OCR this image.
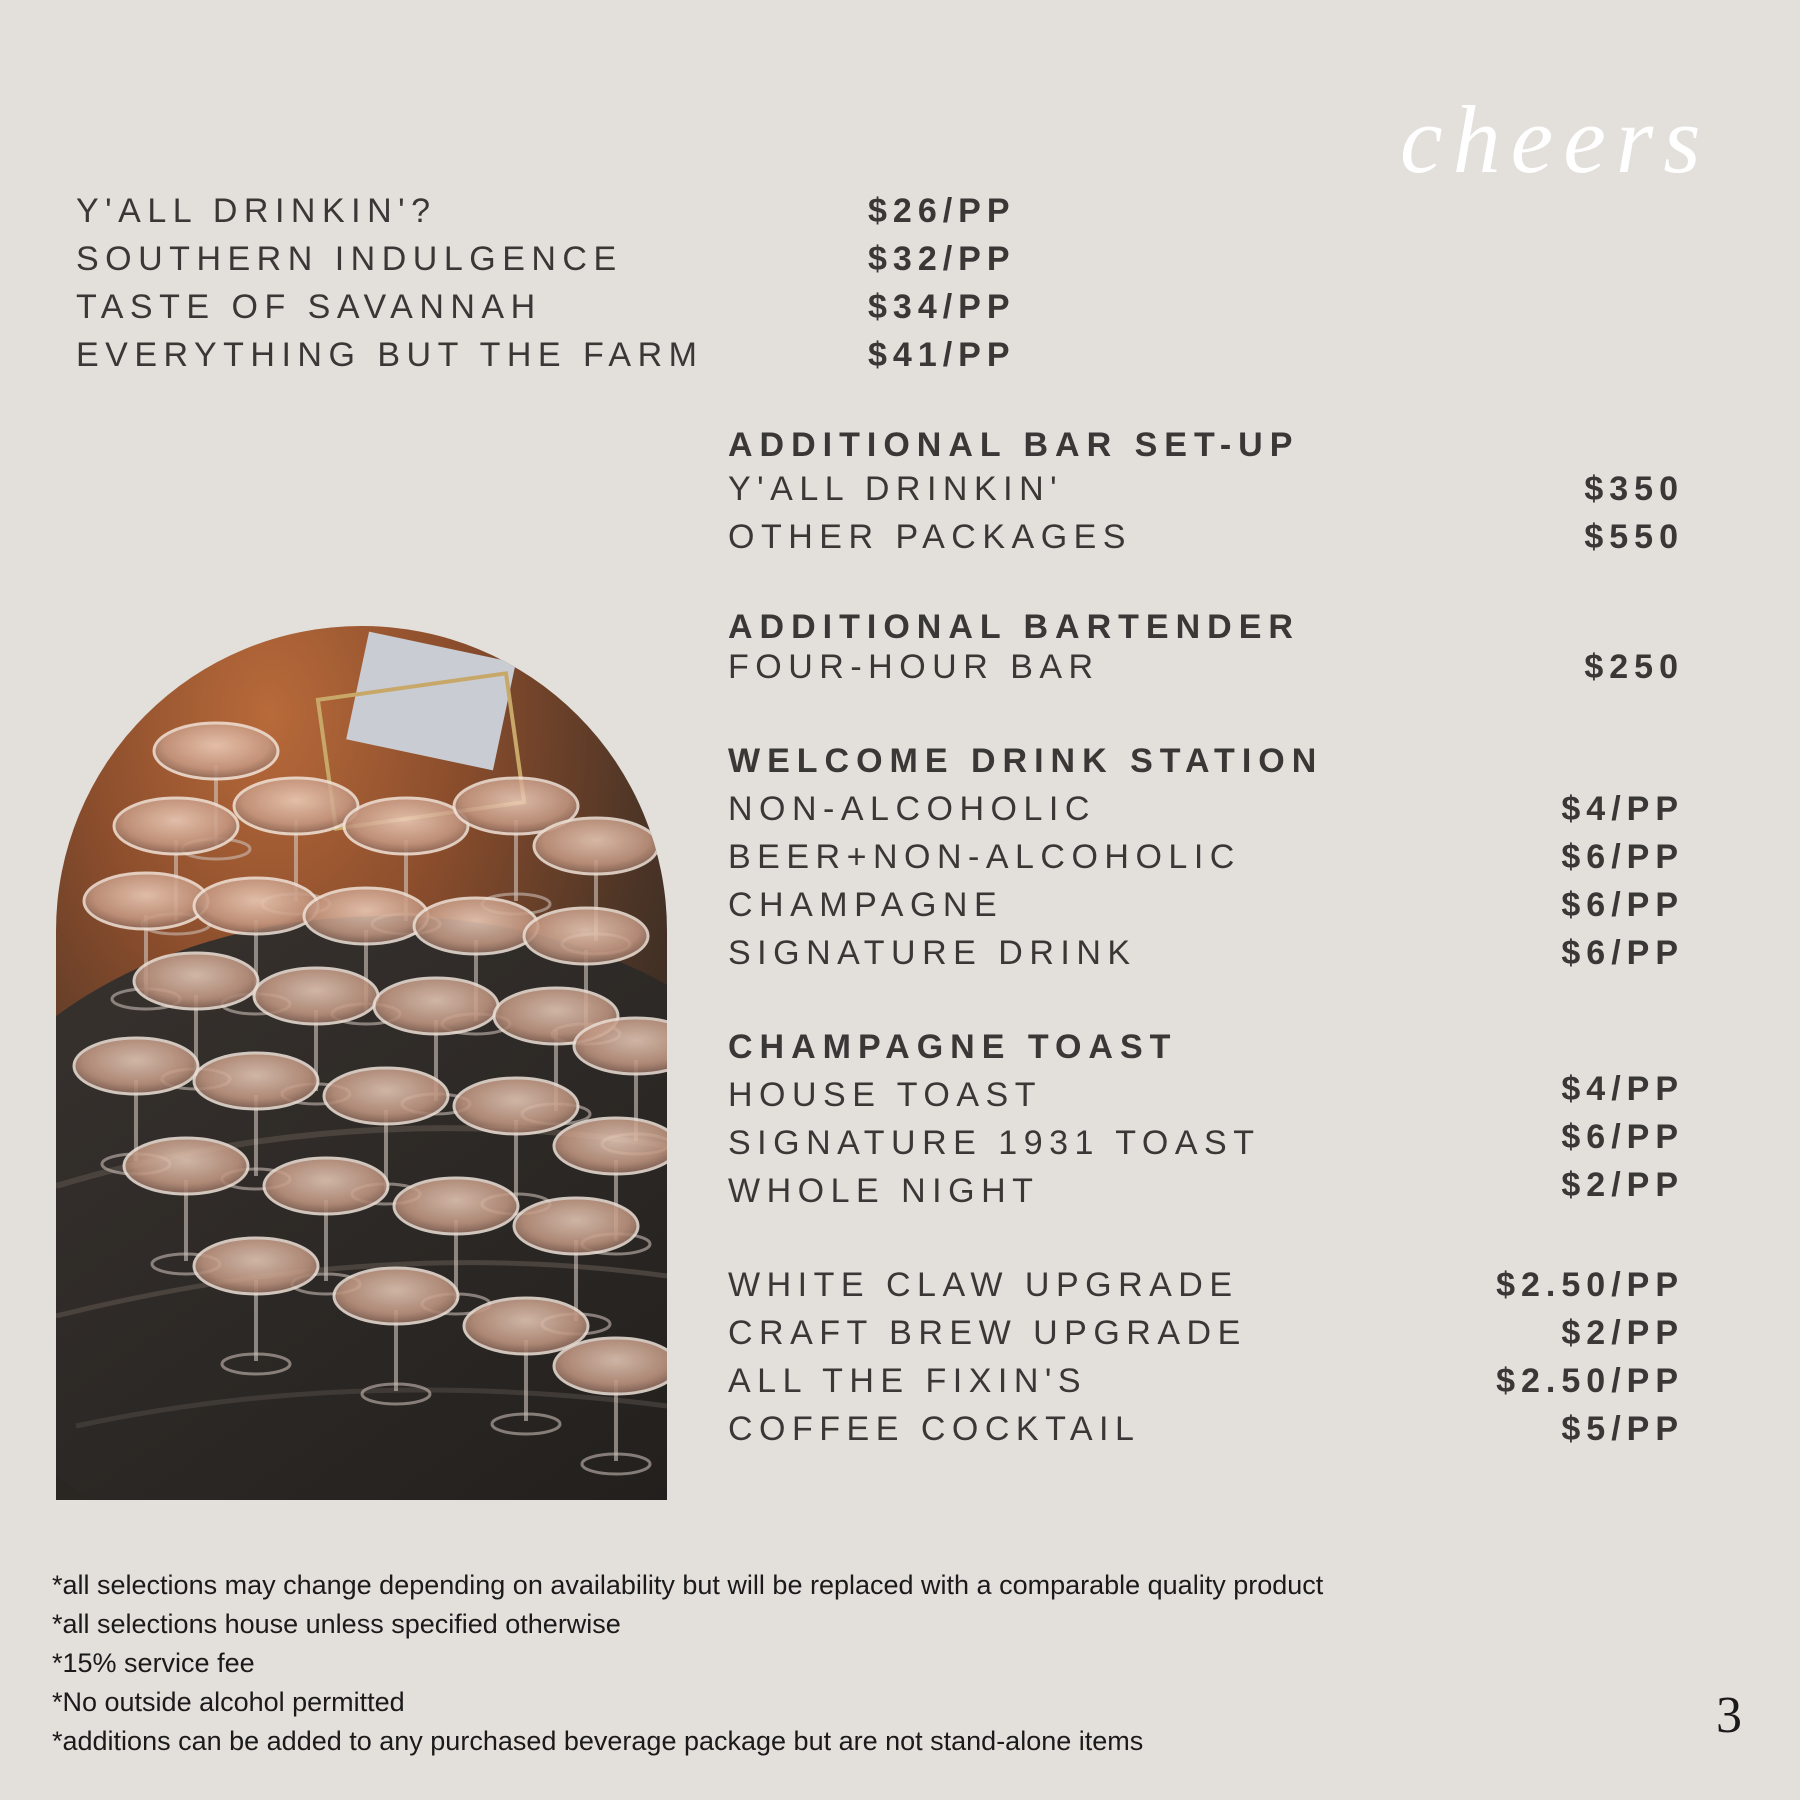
cheers
Y'ALL DRINKIN'?	$26/PP
SOUTHERN INDULGENCE	$32/PP
TASTE OF SAVANNAH	$34/PP
EVERYTHING BUT THE FARM	$41/PP
ADDITIONAL BAR SET-UP
Y'ALL DRINKIN'	$350
OTHER PACKAGES	$550
ADDITIONAL BARTENDER
FOUR-HOUR BAR	$250
WELCOME DRINK STATION
NON-ALCOHOLIC	$4/PP
BEER+NON-ALCOHOLIC	$6/PP
CHAMPAGNE	$6/PP
SIGNATURE DRINK	$6/PP
CHAMPAGNE TOAST
HOUSE TOAST	$4/PP
SIGNATURE 1931 TOAST	$6/PP
WHOLE NIGHT	$2/PP
WHITE CLAW UPGRADE	$2.50/PP
CRAFT BREW UPGRADE	$2/PP
ALL THE FIXIN'S	$2.50/PP
COFFEE COCKTAIL	$5/PP
*all selections may change depending on availability but will be replaced with a comparable quality product
*all selections house unless specified otherwise
*15% service fee
*No outside alcohol permitted
*additions can be added to any purchased beverage package but are not stand-alone items	3
